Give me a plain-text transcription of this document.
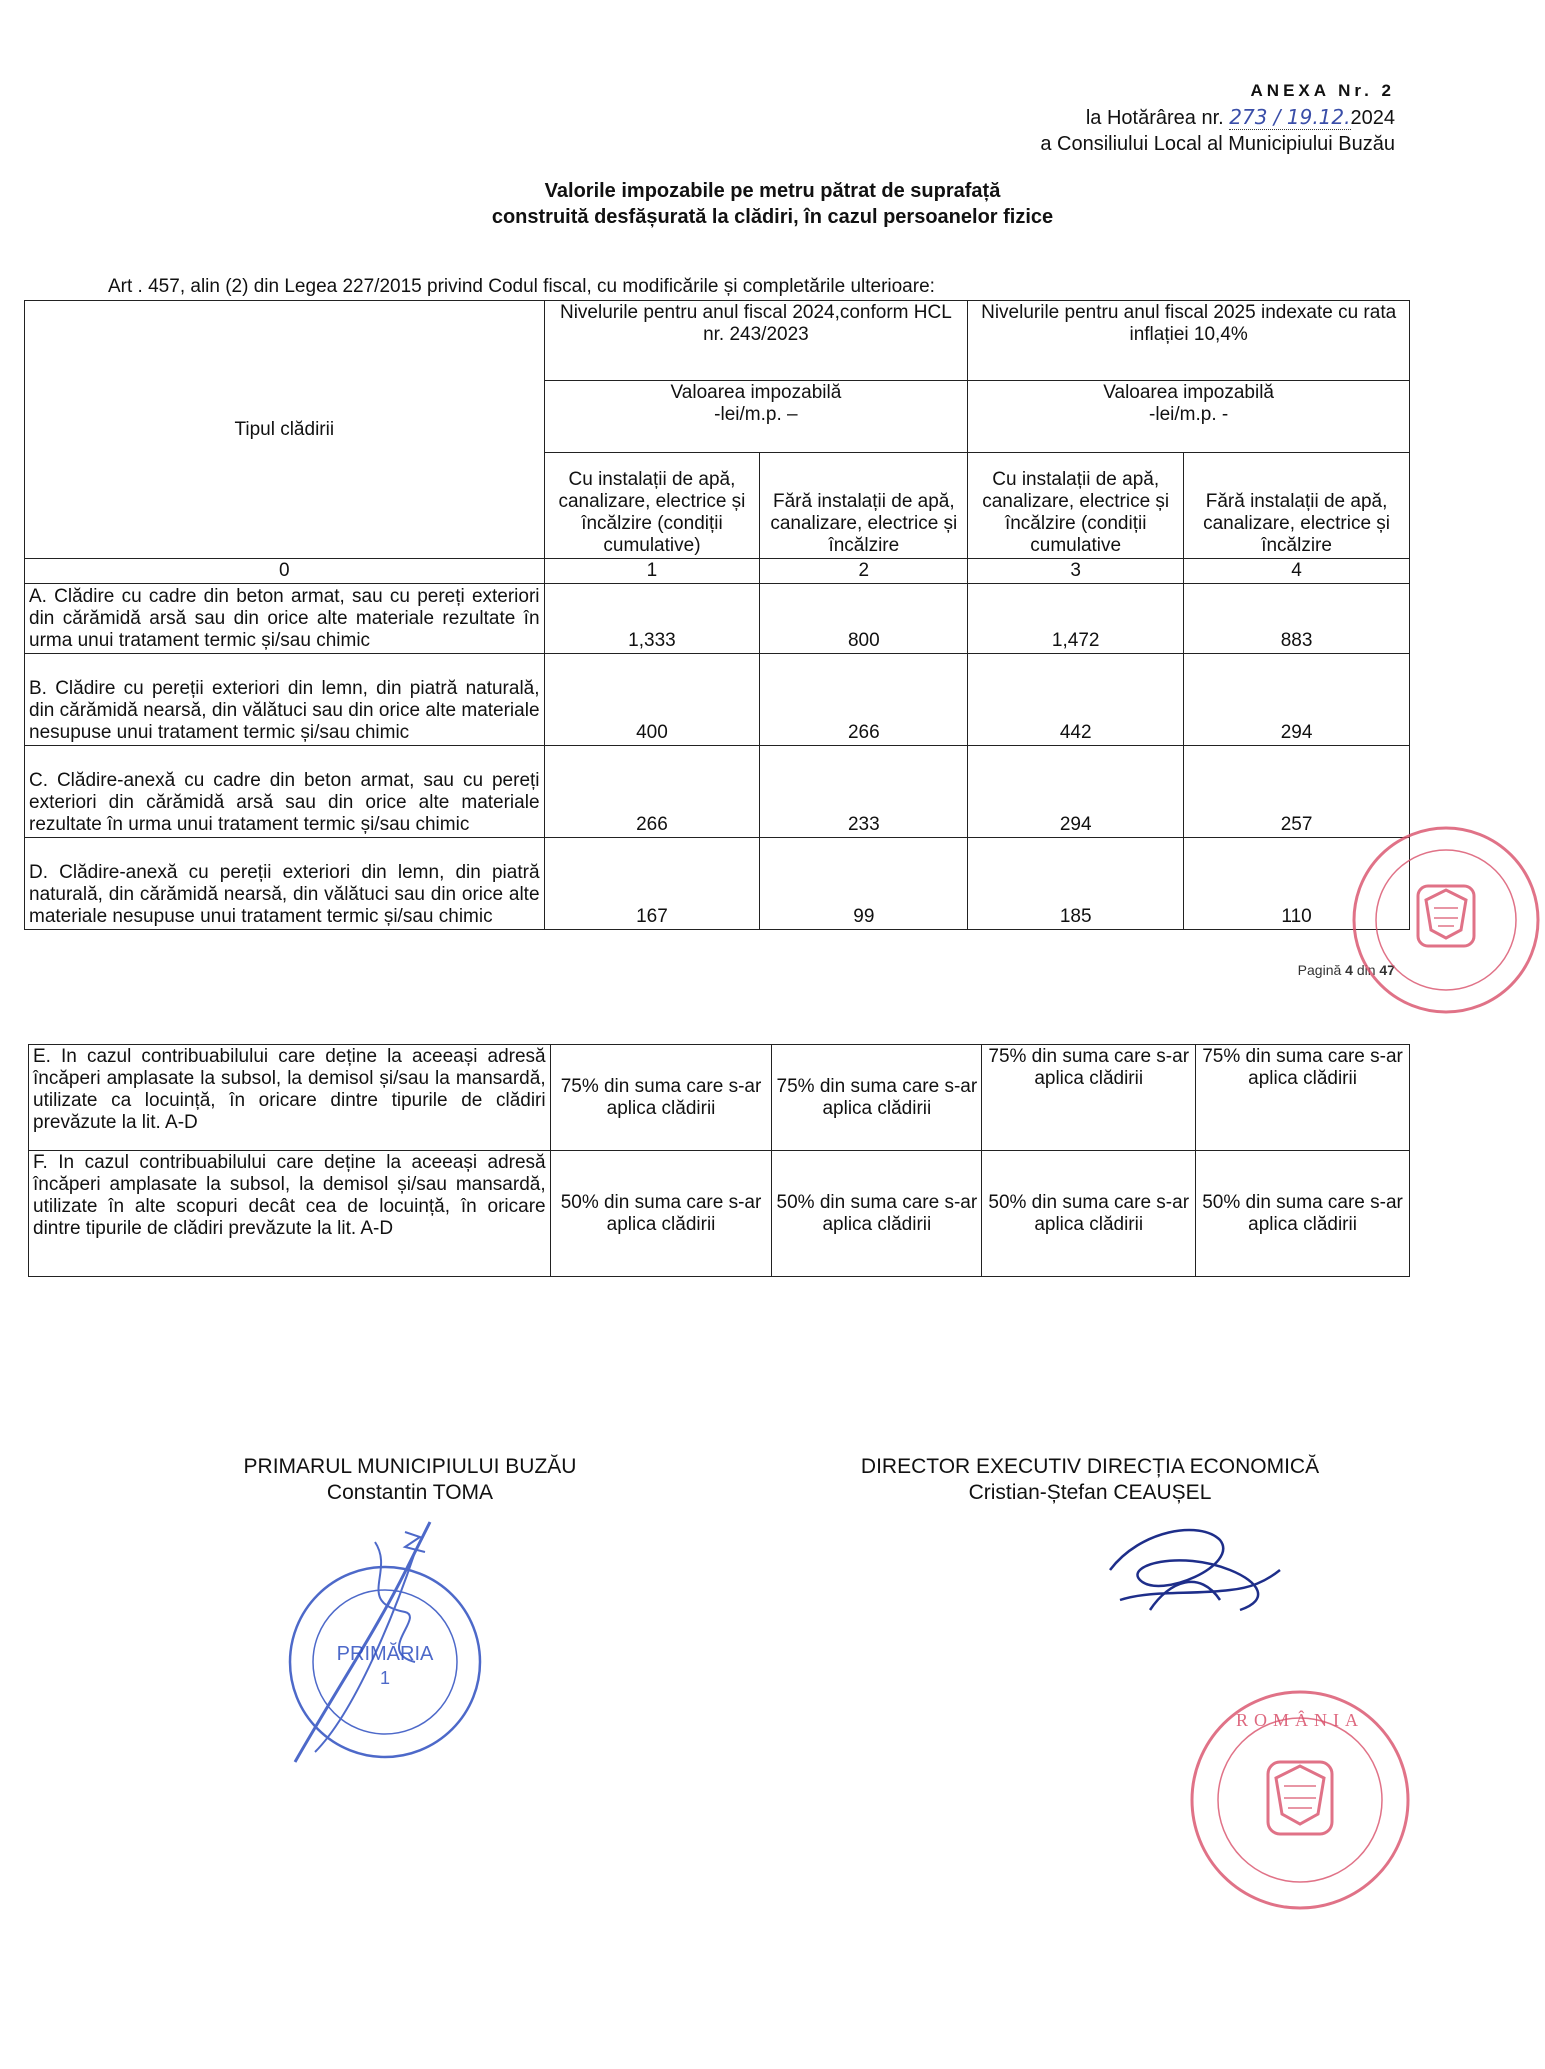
ANEXA Nr. 2
la Hotărârea nr. 273 / 19.12.2024
a Consiliului Local al Municipiului Buzău
Valorile impozabile pe metru pătrat de suprafață
construită desfășurată la clădiri, în cazul persoanelor fizice
Art . 457, alin (2) din Legea 227/2015 privind Codul fiscal, cu modificările și completările ulterioare:
Tipul clădirii	Nivelurile pentru anul fiscal 2024,conform HCL nr. 243/2023		Nivelurile pentru anul fiscal 2025 indexate cu rata inflației 10,4%	
	Valoarea impozabilă
-lei/m.p. –		Valoarea impozabilă
-lei/m.p. -	
	Cu instalații de apă, canalizare, electrice și încălzire (condiții cumulative)	Fără instalații de apă, canalizare, electrice și încălzire	Cu instalații de apă, canalizare, electrice și încălzire (condiții cumulative	Fără instalații de apă, canalizare, electrice și încălzire
0	1	2	3	4
A. Clădire cu cadre din beton armat, sau cu pereți exteriori din cărămidă arsă sau din orice alte materiale rezultate în urma unui tratament termic și/sau chimic	1,333	800	1,472	883
B. Clădire cu pereții exteriori din lemn, din piatră naturală, din cărămidă nearsă, din vălătuci sau din orice alte materiale nesupuse unui tratament termic și/sau chimic	400	266	442	294
C. Clădire-anexă cu cadre din beton armat, sau cu pereți exteriori din cărămidă arsă sau din orice alte materiale rezultate în urma unui tratament termic și/sau chimic	266	233	294	257
D. Clădire-anexă cu pereții exteriori din lemn, din piatră naturală, din cărămidă nearsă, din vălătuci sau din orice alte materiale nesupuse unui tratament termic și/sau chimic	167	99	185	110
Pagină 4 din 47
E. In cazul contribuabilului care deține la aceeași adresă încăperi amplasate la subsol, la demisol și/sau la mansardă, utilizate ca locuință, în oricare dintre tipurile de clădiri prevăzute la lit. A-D	75% din suma care s-ar aplica clădirii	75% din suma care s-ar aplica clădirii	75% din suma care s-ar aplica clădirii	75% din suma care s-ar aplica clădirii
F. In cazul contribuabilului care deține la aceeași adresă încăperi amplasate la subsol, la demisol și/sau mansardă, utilizate în alte scopuri decât cea de locuință, în oricare dintre tipurile de clădiri prevăzute la lit. A-D	50% din suma care s-ar aplica clădirii	50% din suma care s-ar aplica clădirii	50% din suma care s-ar aplica clădirii	50% din suma care s-ar aplica clădirii
PRIMARUL MUNICIPIULUI BUZĂU
Constantin TOMA
DIRECTOR EXECUTIV DIRECȚIA ECONOMICĂ
Cristian-Ștefan CEAUȘEL
PRIMĂRIA
1
ROMÂNIA
